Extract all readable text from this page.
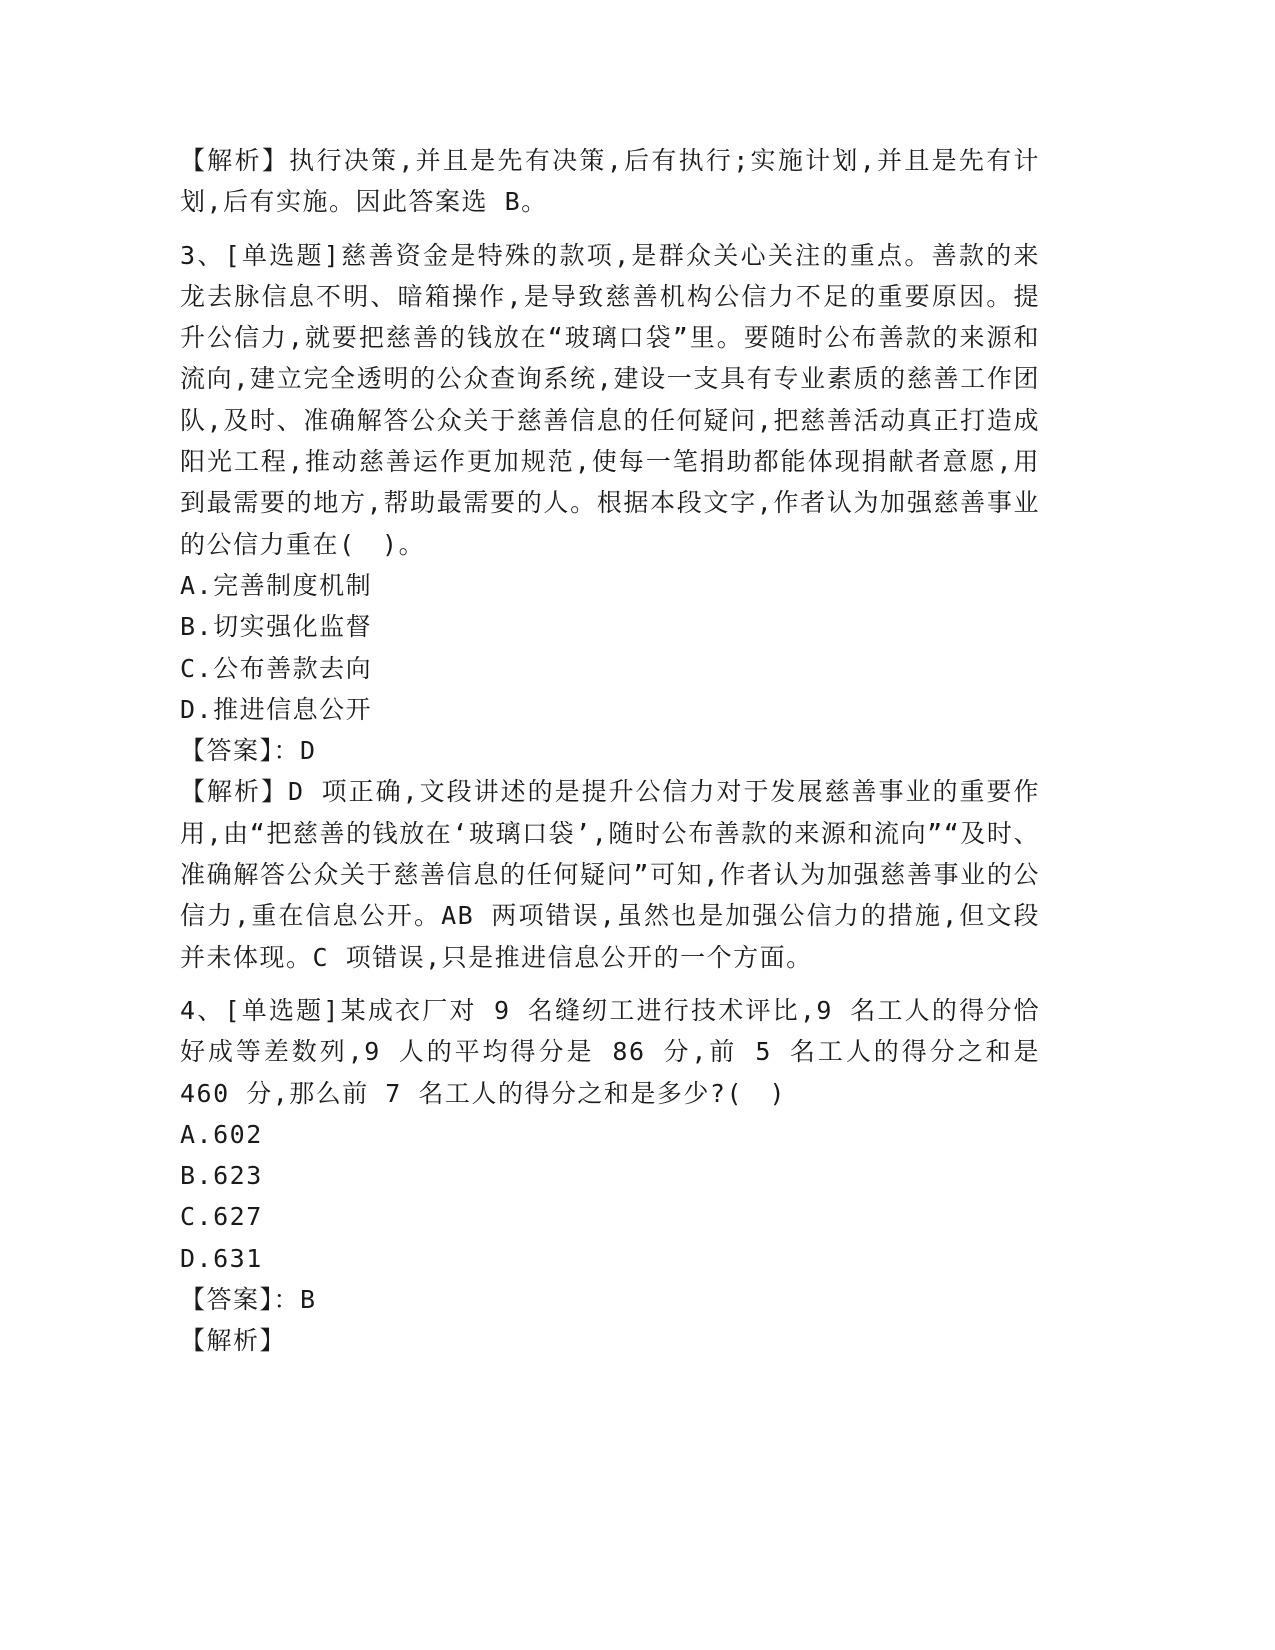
【解析】执行决策,并且是先有决策,后有执行;实施计划,并且是先有计划,后有实施。因此答案选 B。

3、[单选题]慈善资金是特殊的款项,是群众关心关注的重点。善款的来龙去脉信息不明、暗箱操作,是导致慈善机构公信力不足的重要原因。提升公信力,就要把慈善的钱放在“玻璃口袋”里。要随时公布善款的来源和流向,建立完全透明的公众查询系统,建设一支具有专业素质的慈善工作团队,及时、准确解答公众关于慈善信息的任何疑问,把慈善活动真正打造成阳光工程,推动慈善运作更加规范,使每一笔捐助都能体现捐献者意愿,用到最需要的地方,帮助最需要的人。根据本段文字,作者认为加强慈善事业的公信力重在(　)。

A.完善制度机制

B.切实强化监督

C.公布善款去向

D.推进信息公开

【答案】：D

【解析】D 项正确,文段讲述的是提升公信力对于发展慈善事业的重要作用,由“把慈善的钱放在‘玻璃口袋’,随时公布善款的来源和流向”“及时、准确解答公众关于慈善信息的任何疑问”可知,作者认为加强慈善事业的公信力,重在信息公开。AB 两项错误,虽然也是加强公信力的措施,但文段并未体现。C 项错误,只是推进信息公开的一个方面。

4、[单选题]某成衣厂对 9 名缝纫工进行技术评比,9 名工人的得分恰好成等差数列,9 人的平均得分是 86 分,前 5 名工人的得分之和是 460 分,那么前 7 名工人的得分之和是多少?(　)

A.602

B.623

C.627

D.631

【答案】：B

【解析】
